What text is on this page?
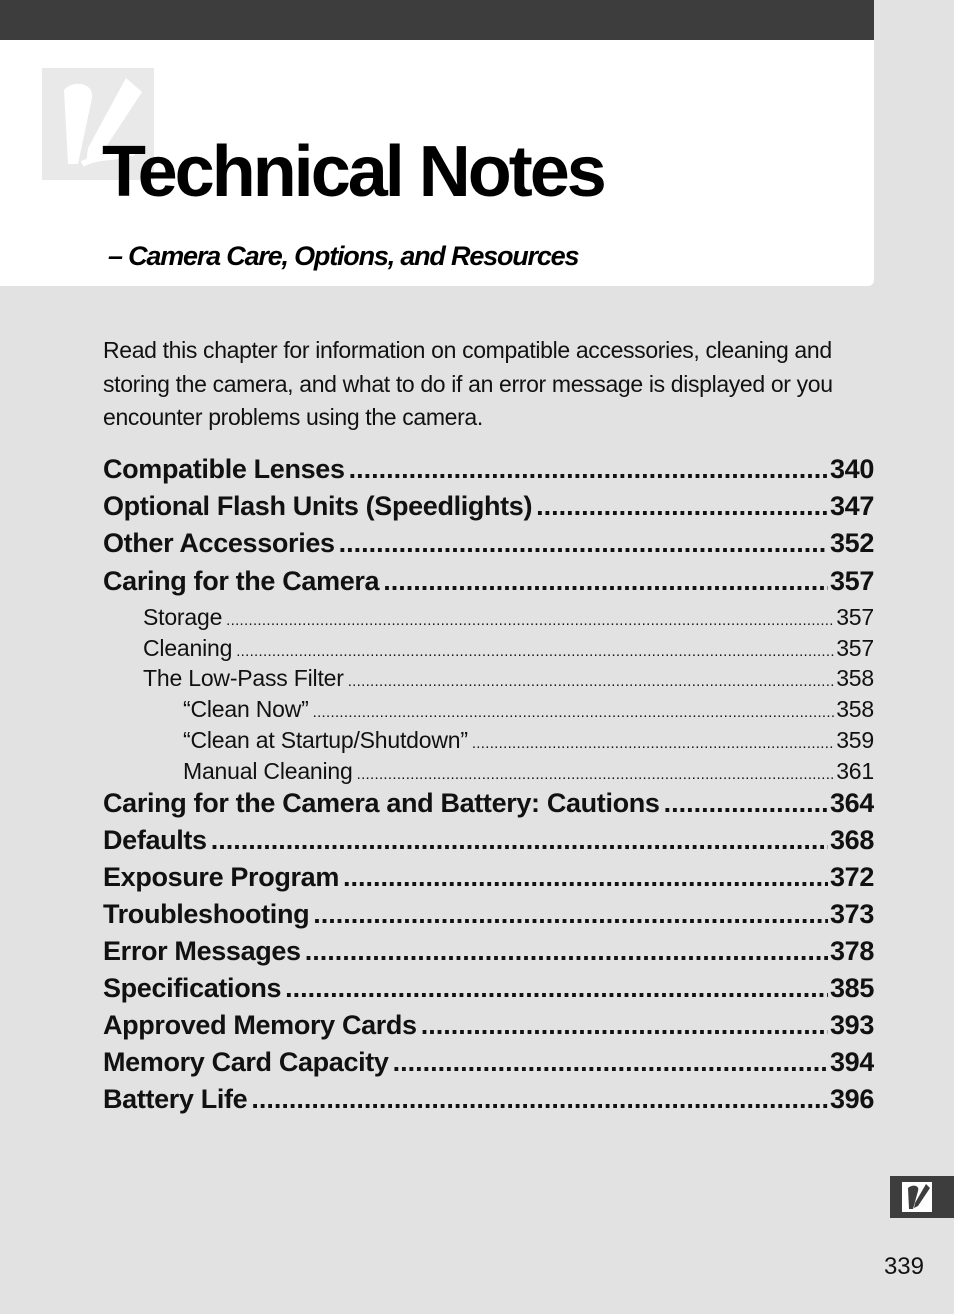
Technical Notes
– Camera Care, Options, and Resources

Read this chapter for information on compatible accessories, cleaning and storing the camera, and what to do if an error message is displayed or you encounter problems using the camera.

Compatible Lenses .....	340
Optional Flash Units (Speedlights) .....	347
Other Accessories .....	352
Caring for the Camera .....	357
Storage .....	357
Cleaning .....	357
The Low-Pass Filter .....	358
“Clean Now” .....	358
“Clean at Startup/Shutdown” .....	359
Manual Cleaning .....	361
Caring for the Camera and Battery: Cautions .....	364
Defaults .....	368
Exposure Program .....	372
Troubleshooting .....	373
Error Messages .....	378
Specifications .....	385
Approved Memory Cards .....	393
Memory Card Capacity .....	394
Battery Life .....	396
339
